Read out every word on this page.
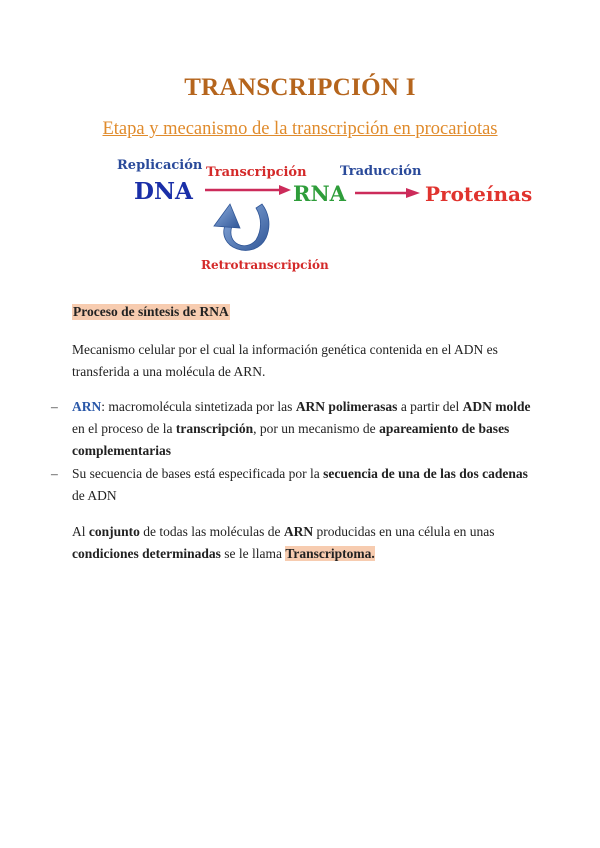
TRANSCRIPCIÓN I
Etapa y mecanismo de la transcripción en procariotas
Replicación
DNA
Transcripción
RNA
Traducción
Proteínas
Retrotranscripción
Proceso de síntesis de RNA
Mecanismo celular por el cual la información genética contenida en el ADN es transferida a una molécula de ARN.
– ARN: macromolécula sintetizada por las ARN polimerasas a partir del ADN molde en el proceso de la transcripción, por un mecanismo de apareamiento de bases complementarias
– Su secuencia de bases está especificada por la secuencia de una de las dos cadenas de ADN
Al conjunto de todas las moléculas de ARN producidas en una célula en unas condiciones determinadas se le llama Transcriptoma.
